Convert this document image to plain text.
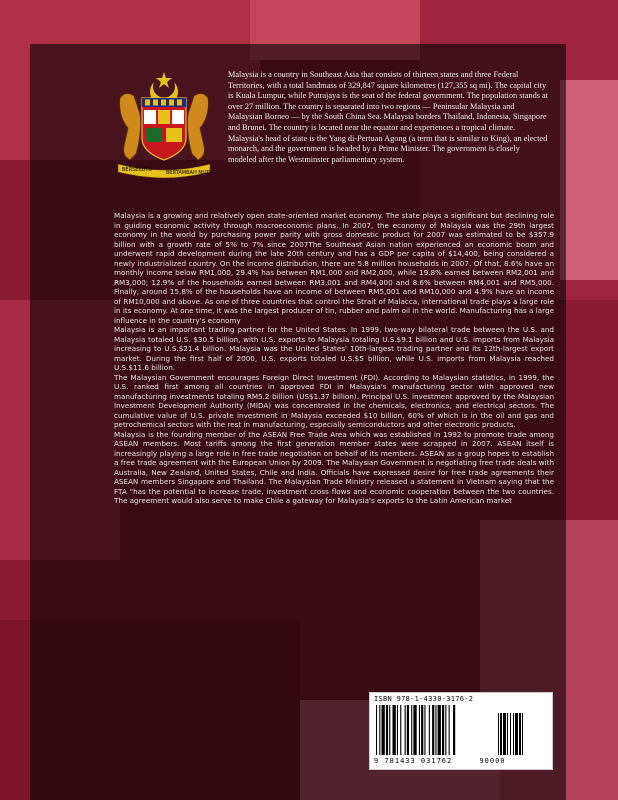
BERSEKUTU	BERTAMBAH MUTU

Malaysia is a country in Southeast Asia that consists of thirteen states and three Federal Territories, with a total landmass of 329,847 square kilometres (127,355 sq mi). The capital city is Kuala Lumpur, while Putrajaya is the seat of the federal government. The population stands at over 27 million. The country is separated into two regions — Peninsular Malaysia and Malaysian Borneo — by the South China Sea. Malaysia borders Thailand, Indonesia, Singapore and Brunei. The country is located near the equator and experiences a tropical climate. Malaysia's head of state is the Yang di-Pertuan Agong (a term that is similar to King), an elected monarch, and the government is headed by a Prime Minister. The government is closely modeled after the Westminster parliamentary system.

Malaysia is a growing and relatively open state-oriented market economy. The state plays a significant but declining role in guiding economic activity through macroeconomic plans. In 2007, the economy of Malaysia was the 29th largest economy in the world by purchasing power parity with gross domestic product for 2007 was estimated to be $357.9 billion with a growth rate of 5% to 7% since 2007The Southeast Asian nation experienced an economic boom and underwent rapid development during the late 20th century and has a GDP per capita of $14,400, being considered a newly industrialized country. On the income distribution, there are 5.8 million households in 2007. Of that, 8.6% have an monthly income below RM1,000, 29.4% has between RM1,000 and RM2,000, while 19.8% earned between RM2,001 and RM3,000; 12.9% of the households earned between RM3,001 and RM4,000 and 8.6% between RM4,001 and RM5,000. Finally, around 15.8% of the households have an income of between RM5,001 and RM10,000 and 4.9% have an income of RM10,000 and above. As one of three countries that control the Strait of Malacca, international trade plays a large role in its economy. At one time, it was the largest producer of tin, rubber and palm oil in the world. Manufacturing has a large influence in the country's economy

Malaysia is an important trading partner for the United States. In 1999, two-way bilateral trade between the U.S. and Malaysia totaled U.S. $30.5 billion, with U.S. exports to Malaysia totaling U.S.$9.1 billion and U.S. imports from Malaysia increasing to U.S.$21.4 billion. Malaysia was the United States' 10th-largest trading partner and its 12th-largest export market. During the first half of 2000, U.S. exports totaled U.S.$5 billion, while U.S. imports from Malaysia reached U.S.$11.6 billion.

The Malaysian Government encourages Foreign Direct Investment (FDI). According to Malaysian statistics, in 1999, the U.S. ranked first among all countries in approved FDI in Malaysia's manufacturing sector with approved new manufacturing investments totaling RM5.2 billion (US$1.37 billion). Principal U.S. investment approved by the Malaysian Investment Development Authority (MIDA) was concentrated in the chemicals, electronics, and electrical sectors. The cumulative value of U.S. private investment in Malaysia exceeded $10 billion, 60% of which is in the oil and gas and petrochemical sectors with the rest in manufacturing, especially semiconductors and other electronic products.

Malaysia is the founding member of the ASEAN Free Trade Area which was established in 1992 to promote trade among ASEAN members. Most tariffs among the first generation member states were scrapped in 2007. ASEAN itself is increasingly playing a large role in free trade negotiation on behalf of its members. ASEAN as a group hopes to establish a free trade agreement with the European Union by 2009. The Malaysian Government is negotiating free trade deals with Australia, New Zealand, United States, Chile and India. Officials have expressed desire for free trade agreements their ASEAN members Singapore and Thailand. The Malaysian Trade Ministry released a statement in Vietnam saying that the FTA "has the potential to increase trade, investment cross flows and economic cooperation between the two countries. The agreement would also serve to make Chile a gateway for Malaysia's exports to the Latin American market

ISBN 978-1-4330-3176-2
9 781433 031762	90000
